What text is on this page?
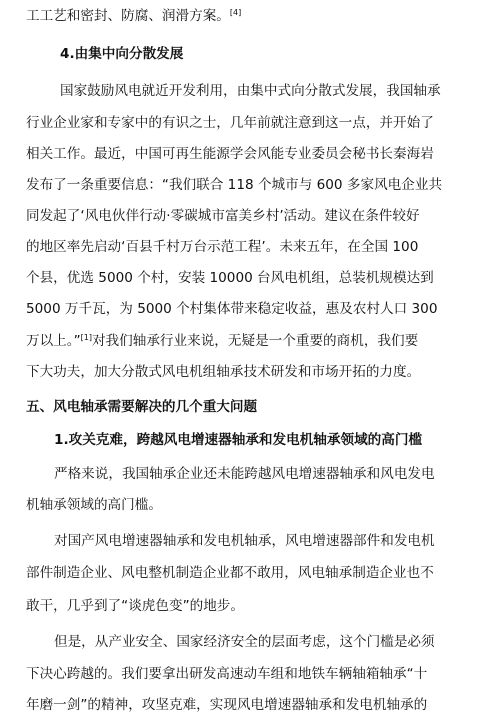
工工艺和密封、防腐、润滑方案。[4]
4.由集中向分散发展
国家鼓励风电就近开发利用，由集中式向分散式发展，我国轴承
行业企业家和专家中的有识之士，几年前就注意到这一点，并开始了
相关工作。最近，中国可再生能源学会风能专业委员会秘书长秦海岩
发布了一条重要信息：“我们联合 118 个城市与 600 多家风电企业共
同发起了‘风电伙伴行动·零碳城市富美乡村’活动。建议在条件较好
的地区率先启动‘百县千村万台示范工程’。未来五年，在全国 100
个县，优选 5000 个村，安装 10000 台风电机组，总装机规模达到
5000 万千瓦，为 5000 个村集体带来稳定收益，惠及农村人口 300
万以上。”[1]对我们轴承行业来说，无疑是一个重要的商机，我们要
下大功夫，加大分散式风电机组轴承技术研发和市场开拓的力度。
五、风电轴承需要解决的几个重大问题
1.攻关克难，跨越风电增速器轴承和发电机轴承领域的高门槛
严格来说，我国轴承企业还未能跨越风电增速器轴承和风电发电
机轴承领域的高门槛。
对国产风电增速器轴承和发电机轴承，风电增速器部件和发电机
部件制造企业、风电整机制造企业都不敢用，风电轴承制造企业也不
敢干，几乎到了“谈虎色变”的地步。
但是，从产业安全、国家经济安全的层面考虑，这个门槛是必须
下决心跨越的。我们要拿出研发高速动车组和地铁车辆轴箱轴承“十
年磨一剑”的精神，攻坚克难，实现风电增速器轴承和发电机轴承的
